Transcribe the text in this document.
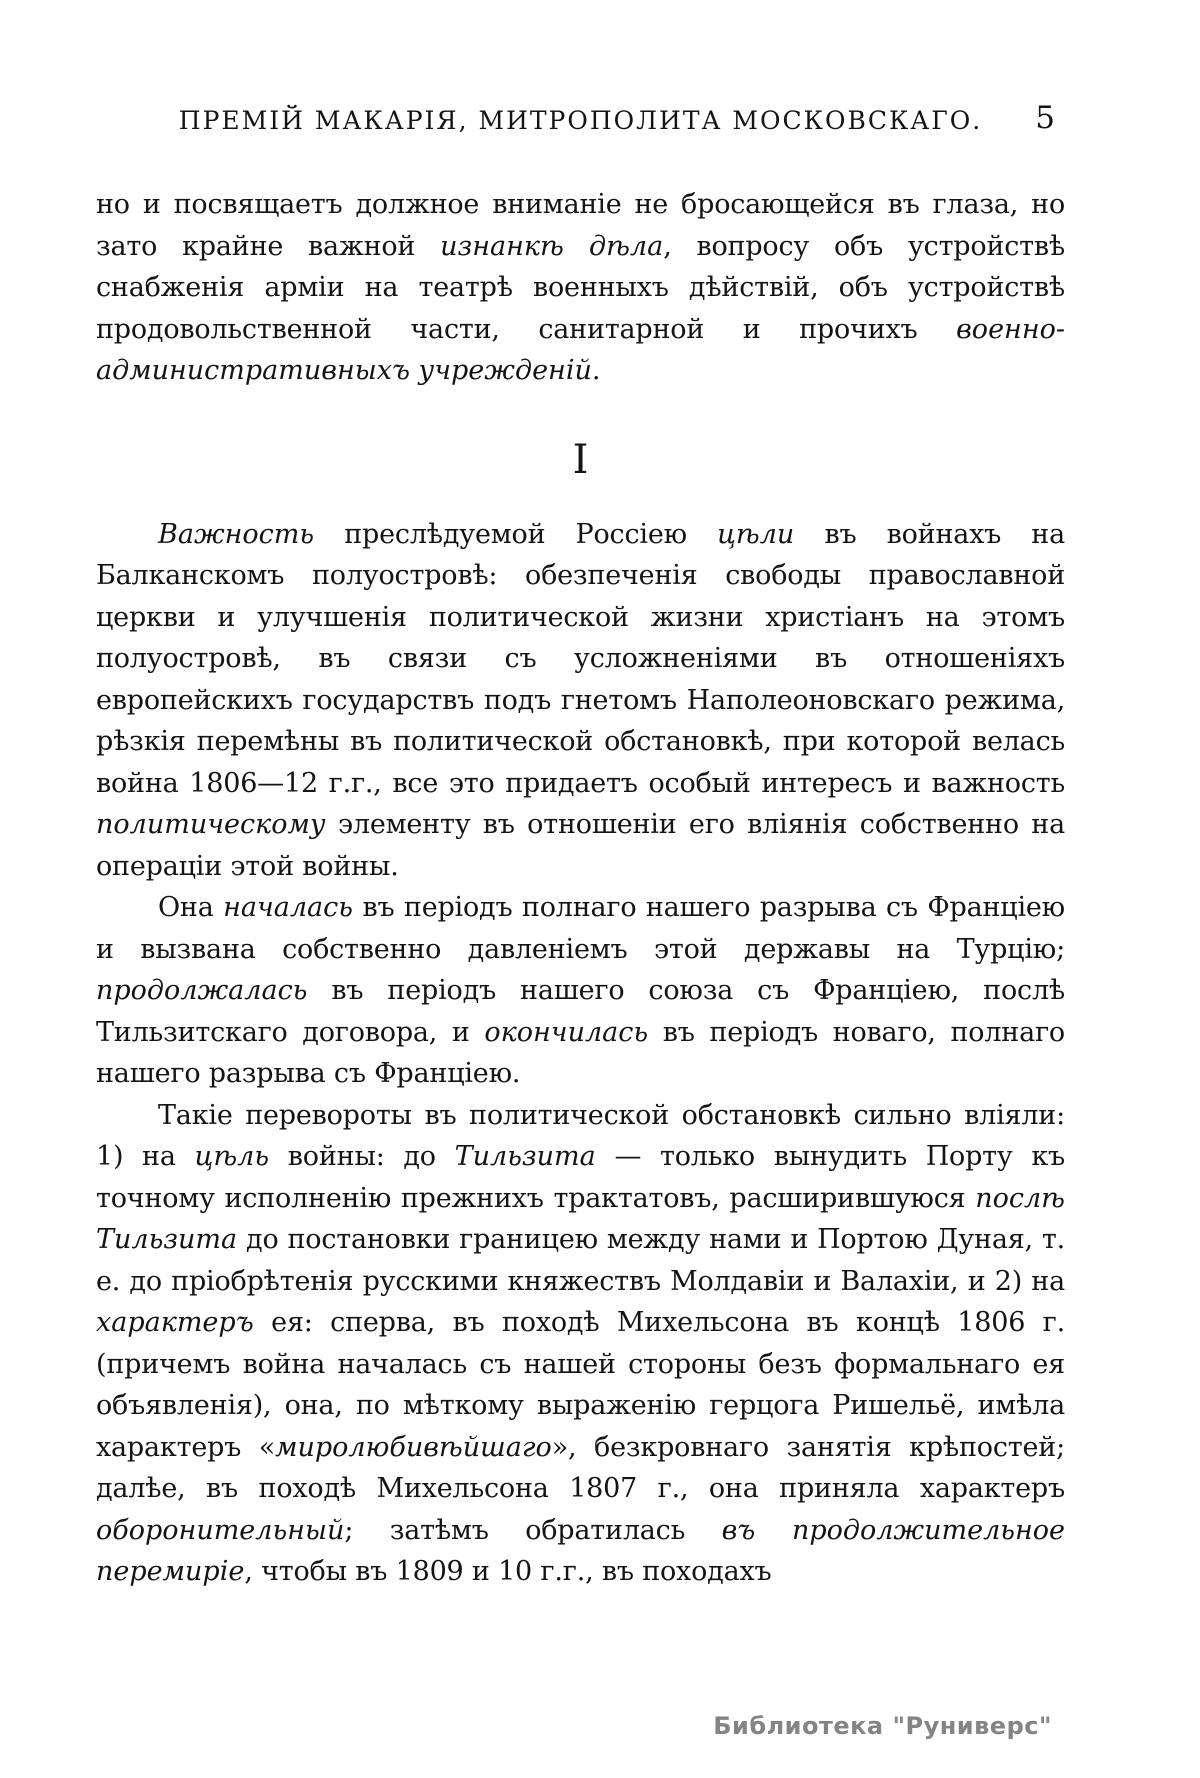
ПРЕМІЙ МАКАРІЯ, МИТРОПОЛИТА МОСКОВСКАГО.	5

но и посвящаетъ должное вниманіе не бросающейся въ глаза, но зато крайне важной изнанкѣ дѣла, вопросу объ устройствѣ снабженія арміи на театрѣ военныхъ дѣйствій, объ устройствѣ продовольственной части, санитарной и прочихъ военно-административныхъ учрежденій.

I

Важность преслѣдуемой Россіею цѣли въ войнахъ на Балканскомъ полуостровѣ: обезпеченія свободы православной церкви и улучшенія политической жизни христіанъ на этомъ полуостровѣ, въ связи съ усложненіями въ отношеніяхъ европейскихъ государствъ подъ гнетомъ Наполеоновскаго режима, рѣзкія перемѣны въ политической обстановкѣ, при которой велась война 1806—12 г.г., все это придаетъ особый интересъ и важность политическому элементу въ отношеніи его вліянія собственно на операціи этой войны.

Она началась въ періодъ полнаго нашего разрыва съ Франціею и вызвана собственно давленіемъ этой державы на Турцію; продолжалась въ періодъ нашего союза съ Франціею, послѣ Тильзитскаго договора, и окончилась въ періодъ новаго, полнаго нашего разрыва съ Франціею.

Такіе перевороты въ политической обстановкѣ сильно вліяли: 1) на цѣль войны: до Тильзита — только вынудить Порту къ точному исполненію прежнихъ трактатовъ, расширившуюся послѣ Тильзита до постановки границею между нами и Портою Дуная, т. е. до пріобрѣтенія русскими княжествъ Молдавіи и Валахіи, и 2) на характеръ ея: сперва, въ походѣ Михельсона въ концѣ 1806 г. (причемъ война началась съ нашей стороны безъ формальнаго ея объявленія), она, по мѣткому выраженію герцога Ришельё, имѣла характеръ «миролюбивѣйшаго», безкровнаго занятія крѣпостей; далѣе, въ походѣ Михельсона 1807 г., она приняла характеръ оборонительный; затѣмъ обратилась въ продолжительное перемиріе, чтобы въ 1809 и 10 г.г., въ походахъ

Библиотека "Руниверс"
